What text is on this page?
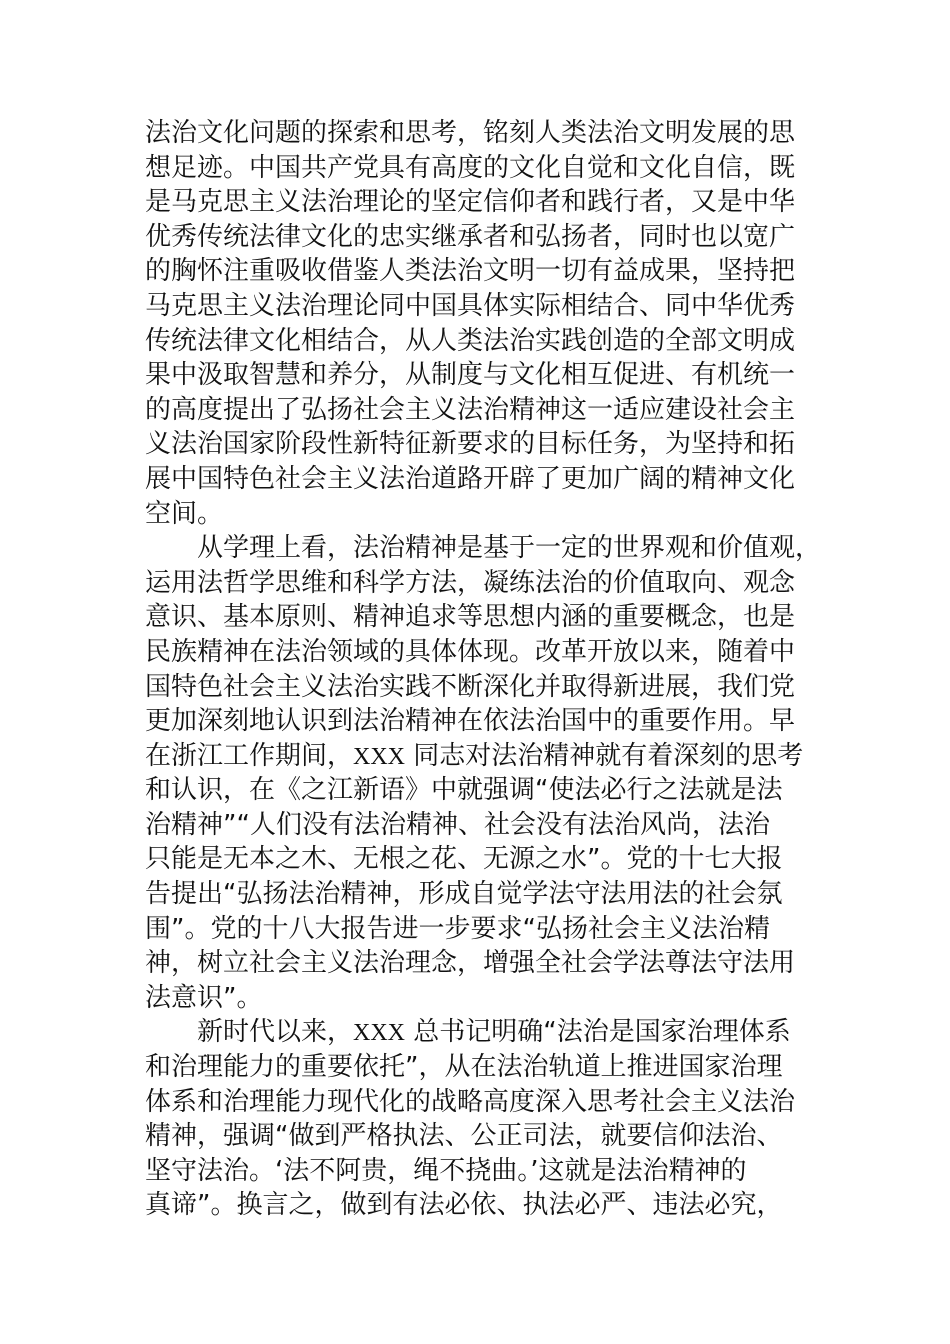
法治文化问题的探索和思考，铭刻人类法治文明发展的思
想足迹。中国共产党具有高度的文化自觉和文化自信，既
是马克思主义法治理论的坚定信仰者和践行者，又是中华
优秀传统法律文化的忠实继承者和弘扬者，同时也以宽广
的胸怀注重吸收借鉴人类法治文明一切有益成果，坚持把
马克思主义法治理论同中国具体实际相结合、同中华优秀
传统法律文化相结合，从人类法治实践创造的全部文明成
果中汲取智慧和养分，从制度与文化相互促进、有机统一
的高度提出了弘扬社会主义法治精神这一适应建设社会主
义法治国家阶段性新特征新要求的目标任务，为坚持和拓
展中国特色社会主义法治道路开辟了更加广阔的精神文化
空间。
从学理上看，法治精神是基于一定的世界观和价值观，
运用法哲学思维和科学方法，凝练法治的价值取向、观念
意识、基本原则、精神追求等思想内涵的重要概念，也是
民族精神在法治领域的具体体现。改革开放以来，随着中
国特色社会主义法治实践不断深化并取得新进展，我们党
更加深刻地认识到法治精神在依法治国中的重要作用。早
在浙江工作期间，XXX 同志对法治精神就有着深刻的思考
和认识，在《之江新语》中就强调“使法必行之法就是法
治精神”“人们没有法治精神、社会没有法治风尚，法治
只能是无本之木、无根之花、无源之水”。党的十七大报
告提出“弘扬法治精神，形成自觉学法守法用法的社会氛
围”。党的十八大报告进一步要求“弘扬社会主义法治精
神，树立社会主义法治理念，增强全社会学法尊法守法用
法意识”。
新时代以来，XXX 总书记明确“法治是国家治理体系
和治理能力的重要依托”，从在法治轨道上推进国家治理
体系和治理能力现代化的战略高度深入思考社会主义法治
精神，强调“做到严格执法、公正司法，就要信仰法治、
坚守法治。‘法不阿贵，绳不挠曲。’这就是法治精神的
真谛”。换言之，做到有法必依、执法必严、违法必究，
